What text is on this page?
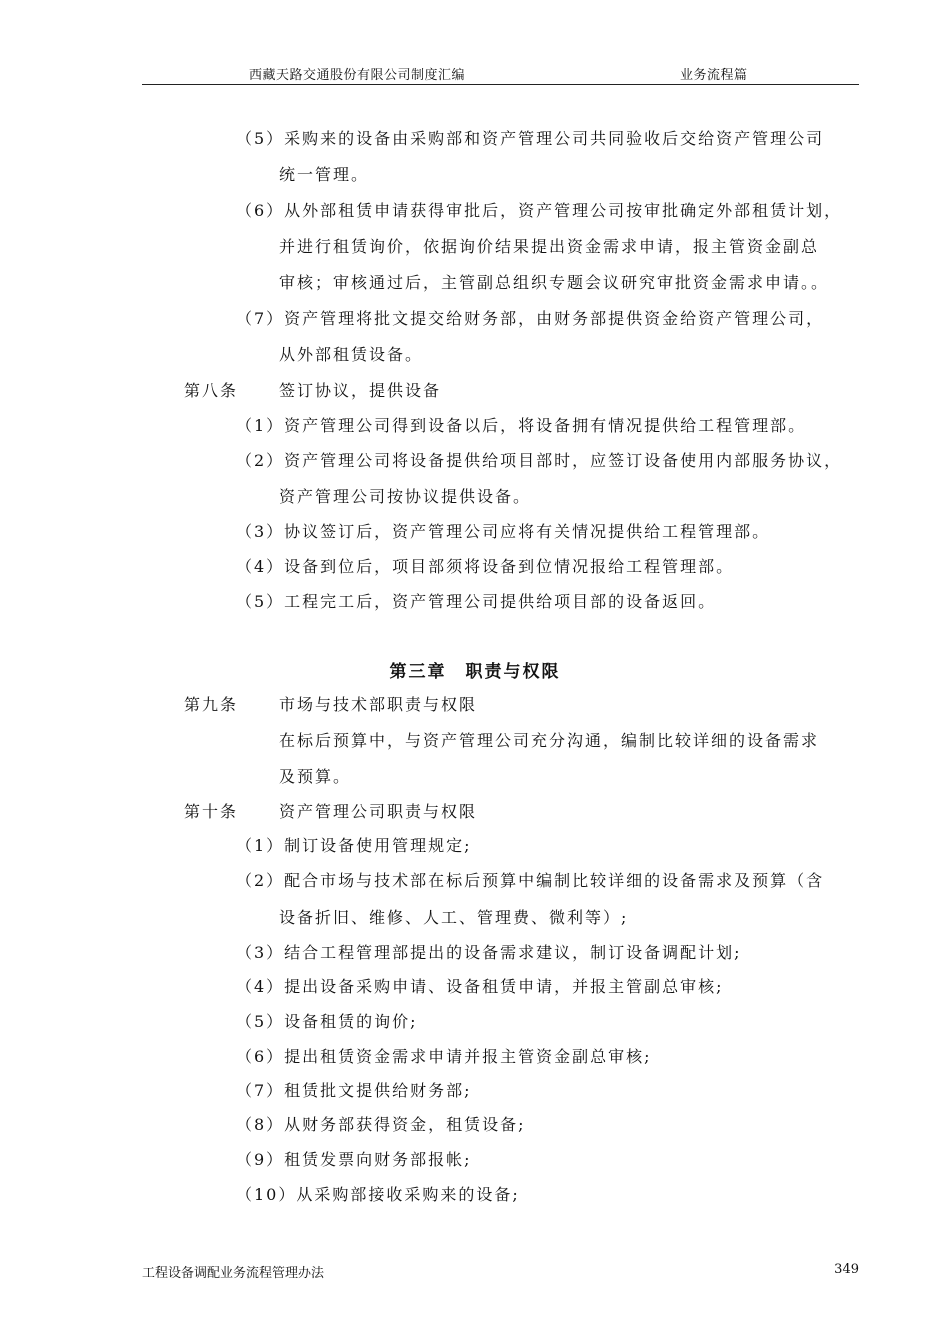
西藏天路交通股份有限公司制度汇编	业务流程篇
（5）采购来的设备由采购部和资产管理公司共同验收后交给资产管理公司
统一管理。
（6）从外部租赁申请获得审批后，资产管理公司按审批确定外部租赁计划，
并进行租赁询价，依据询价结果提出资金需求申请，报主管资金副总
审核；审核通过后，主管副总组织专题会议研究审批资金需求申请。。
（7）资产管理将批文提交给财务部，由财务部提供资金给资产管理公司，
从外部租赁设备。
第八条	签订协议，提供设备
（1）资产管理公司得到设备以后，将设备拥有情况提供给工程管理部。
（2）资产管理公司将设备提供给项目部时，应签订设备使用内部服务协议，
资产管理公司按协议提供设备。
（3）协议签订后，资产管理公司应将有关情况提供给工程管理部。
（4）设备到位后，项目部须将设备到位情况报给工程管理部。
（5）工程完工后，资产管理公司提供给项目部的设备返回。
第三章　职责与权限
第九条	市场与技术部职责与权限
在标后预算中，与资产管理公司充分沟通，编制比较详细的设备需求
及预算。
第十条	资产管理公司职责与权限
（1）制订设备使用管理规定;
（2）配合市场与技术部在标后预算中编制比较详细的设备需求及预算（含
设备折旧、维修、人工、管理费、微利等）;
（3）结合工程管理部提出的设备需求建议，制订设备调配计划;
（4）提出设备采购申请、设备租赁申请，并报主管副总审核;
（5）设备租赁的询价;
（6）提出租赁资金需求申请并报主管资金副总审核;
（7）租赁批文提供给财务部;
（8）从财务部获得资金，租赁设备;
（9）租赁发票向财务部报帐;
（10）从采购部接收采购来的设备;
工程设备调配业务流程管理办法	349
